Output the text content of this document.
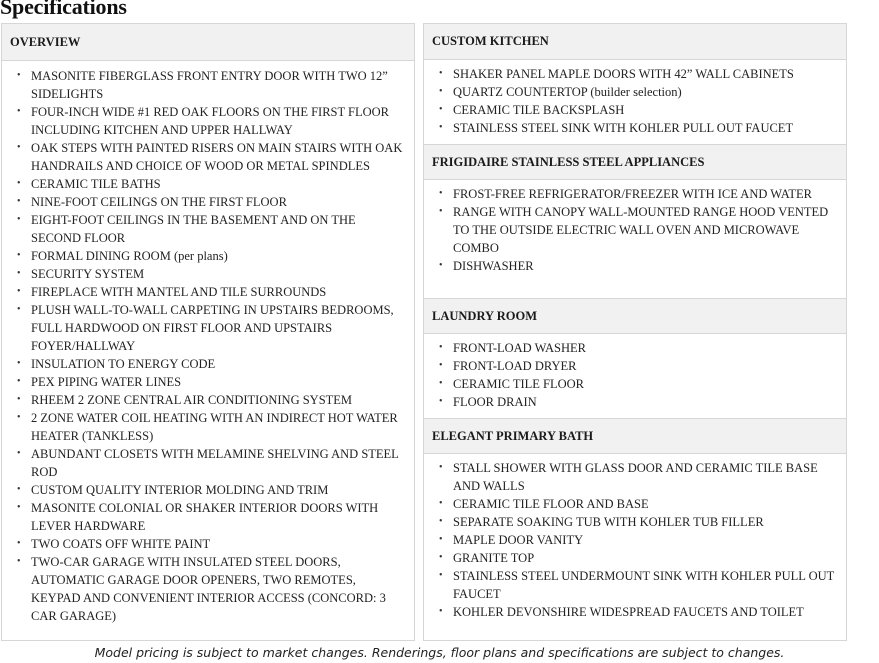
Specifications
OVERVIEW
• MASONITE FIBERGLASS FRONT ENTRY DOOR WITH TWO 12” SIDELIGHTS
• FOUR-INCH WIDE #1 RED OAK FLOORS ON THE FIRST FLOOR INCLUDING KITCHEN AND UPPER HALLWAY
• OAK STEPS WITH PAINTED RISERS ON MAIN STAIRS WITH OAK HANDRAILS AND CHOICE OF WOOD OR METAL SPINDLES
• CERAMIC TILE BATHS
• NINE-FOOT CEILINGS ON THE FIRST FLOOR
• EIGHT-FOOT CEILINGS IN THE BASEMENT AND ON THE SECOND FLOOR
• FORMAL DINING ROOM (per plans)
• SECURITY SYSTEM
• FIREPLACE WITH MANTEL AND TILE SURROUNDS
• PLUSH WALL-TO-WALL CARPETING IN UPSTAIRS BEDROOMS, FULL HARDWOOD ON FIRST FLOOR AND UPSTAIRS FOYER/HALLWAY
• INSULATION TO ENERGY CODE
• PEX PIPING WATER LINES
• RHEEM 2 ZONE CENTRAL AIR CONDITIONING SYSTEM
• 2 ZONE WATER COIL HEATING WITH AN INDIRECT HOT WATER HEATER (TANKLESS)
• ABUNDANT CLOSETS WITH MELAMINE SHELVING AND STEEL ROD
• CUSTOM QUALITY INTERIOR MOLDING AND TRIM
• MASONITE COLONIAL OR SHAKER INTERIOR DOORS WITH LEVER HARDWARE
• TWO COATS OFF WHITE PAINT
• TWO-CAR GARAGE WITH INSULATED STEEL DOORS, AUTOMATIC GARAGE DOOR OPENERS, TWO REMOTES, KEYPAD AND CONVENIENT INTERIOR ACCESS (CONCORD: 3 CAR GARAGE)
CUSTOM KITCHEN
• SHAKER PANEL MAPLE DOORS WITH 42” WALL CABINETS
• QUARTZ COUNTERTOP (builder selection)
• CERAMIC TILE BACKSPLASH
• STAINLESS STEEL SINK WITH KOHLER PULL OUT FAUCET
FRIGIDAIRE STAINLESS STEEL APPLIANCES
• FROST-FREE REFRIGERATOR/FREEZER WITH ICE AND WATER
• RANGE WITH CANOPY WALL-MOUNTED RANGE HOOD VENTED TO THE OUTSIDE ELECTRIC WALL OVEN AND MICROWAVE COMBO
• DISHWASHER
LAUNDRY ROOM
• FRONT-LOAD WASHER
• FRONT-LOAD DRYER
• CERAMIC TILE FLOOR
• FLOOR DRAIN
ELEGANT PRIMARY BATH
• STALL SHOWER WITH GLASS DOOR AND CERAMIC TILE BASE AND WALLS
• CERAMIC TILE FLOOR AND BASE
• SEPARATE SOAKING TUB WITH KOHLER TUB FILLER
• MAPLE DOOR VANITY
• GRANITE TOP
• STAINLESS STEEL UNDERMOUNT SINK WITH KOHLER PULL OUT FAUCET
• KOHLER DEVONSHIRE WIDESPREAD FAUCETS AND TOILET
Model pricing is subject to market changes. Renderings, floor plans and specifications are subject to changes.
